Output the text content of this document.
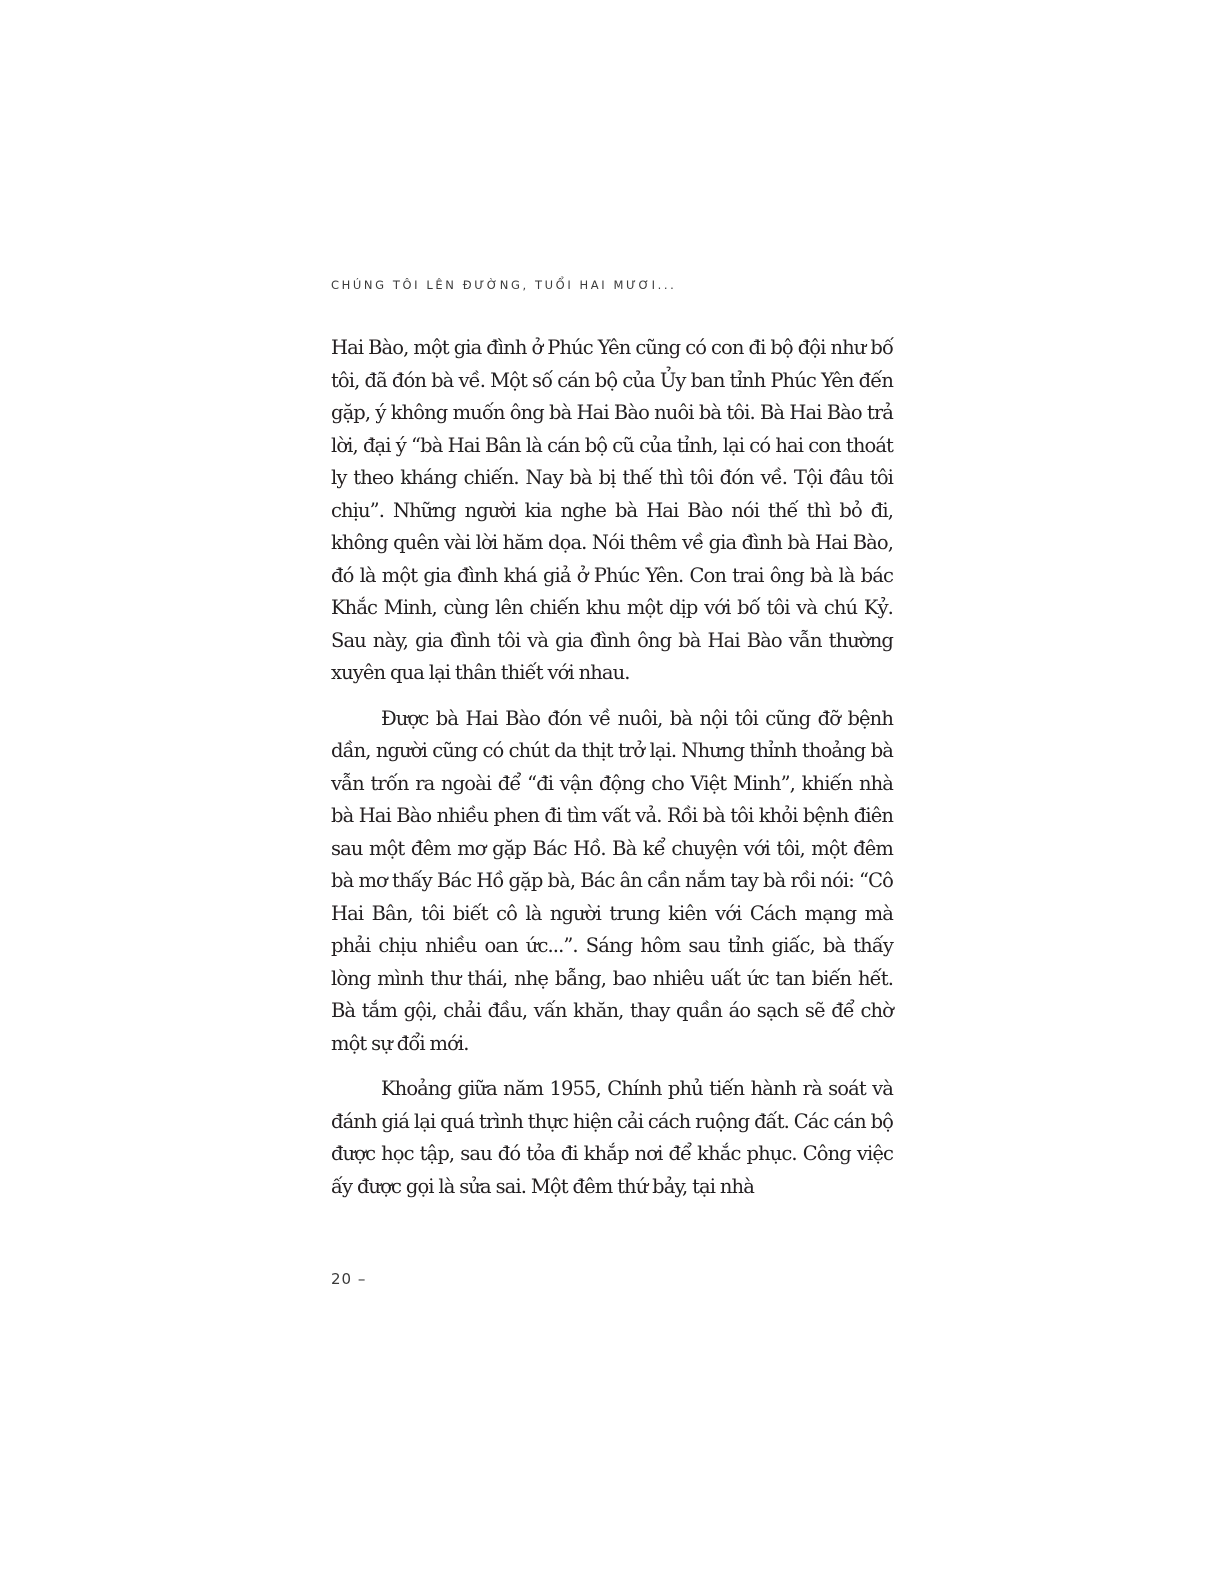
CHÚNG TÔI LÊN ĐƯỜNG, TUỔI HAI MƯƠI...

Hai Bào, một gia đình ở Phúc Yên cũng có con đi bộ đội như bố tôi, đã đón bà về. Một số cán bộ của Ủy ban tỉnh Phúc Yên đến gặp, ý không muốn ông bà Hai Bào nuôi bà tôi. Bà Hai Bào trả lời, đại ý “bà Hai Bân là cán bộ cũ của tỉnh, lại có hai con thoát ly theo kháng chiến. Nay bà bị thế thì tôi đón về. Tội đâu tôi chịu”. Những người kia nghe bà Hai Bào nói thế thì bỏ đi, không quên vài lời hăm dọa. Nói thêm về gia đình bà Hai Bào, đó là một gia đình khá giả ở Phúc Yên. Con trai ông bà là bác Khắc Minh, cùng lên chiến khu một dịp với bố tôi và chú Kỷ. Sau này, gia đình tôi và gia đình ông bà Hai Bào vẫn thường xuyên qua lại thân thiết với nhau.

Được bà Hai Bào đón về nuôi, bà nội tôi cũng đỡ bệnh dần, người cũng có chút da thịt trở lại. Nhưng thỉnh thoảng bà vẫn trốn ra ngoài để “đi vận động cho Việt Minh”, khiến nhà bà Hai Bào nhiều phen đi tìm vất vả. Rồi bà tôi khỏi bệnh điên sau một đêm mơ gặp Bác Hồ. Bà kể chuyện với tôi, một đêm bà mơ thấy Bác Hồ gặp bà, Bác ân cần nắm tay bà rồi nói: “Cô Hai Bân, tôi biết cô là người trung kiên với Cách mạng mà phải chịu nhiều oan ức...”. Sáng hôm sau tỉnh giấc, bà thấy lòng mình thư thái, nhẹ bẫng, bao nhiêu uất ức tan biến hết. Bà tắm gội, chải đầu, vấn khăn, thay quần áo sạch sẽ để chờ một sự đổi mới.

Khoảng giữa năm 1955, Chính phủ tiến hành rà soát và đánh giá lại quá trình thực hiện cải cách ruộng đất. Các cán bộ được học tập, sau đó tỏa đi khắp nơi để khắc phục. Công việc ấy được gọi là sửa sai. Một đêm thứ bảy, tại nhà

20 –
